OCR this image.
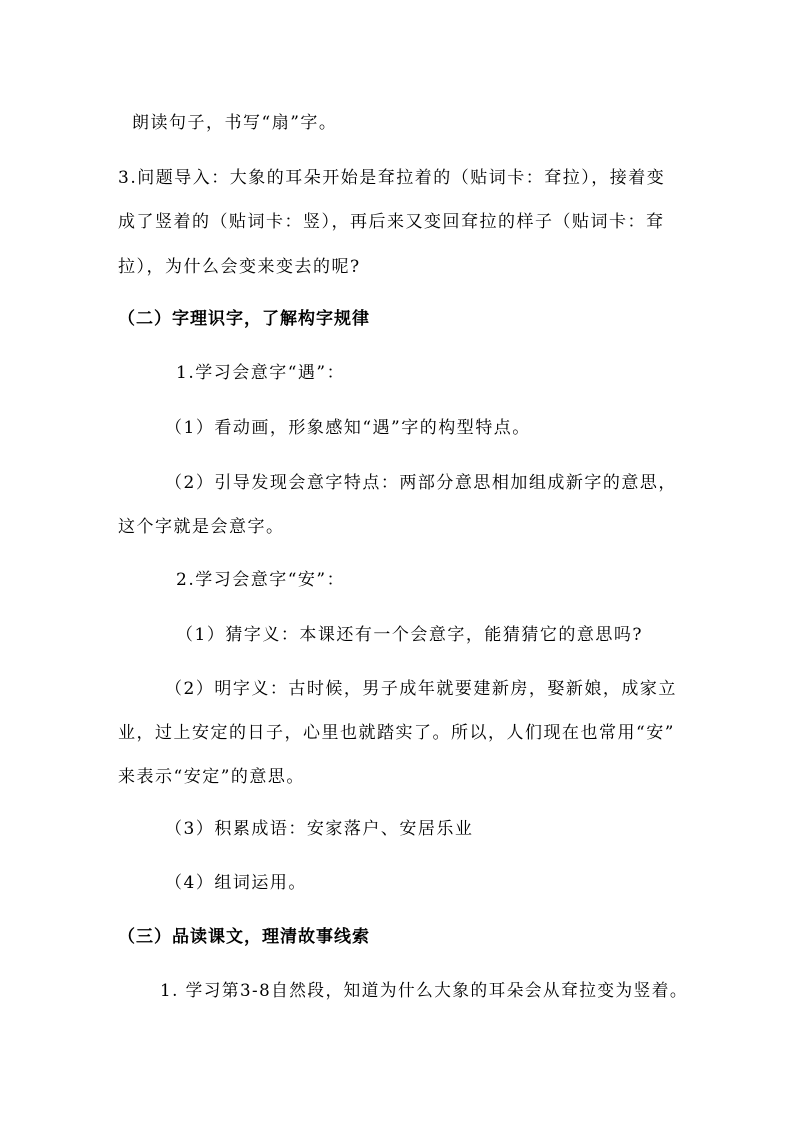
朗读句子，书写“扇”字。
3.问题导入：大象的耳朵开始是耷拉着的（贴词卡：耷拉），接着变
成了竖着的（贴词卡：竖），再后来又变回耷拉的样子（贴词卡：耷
拉），为什么会变来变去的呢?
（二）字理识字，了解构字规律
1.学习会意字“遇”：
（1）看动画，形象感知“遇”字的构型特点。
（2）引导发现会意字特点：两部分意思相加组成新字的意思，
这个字就是会意字。
2.学习会意字“安”：
（1）猜字义：本课还有一个会意字，能猜猜它的意思吗?
（2）明字义：古时候，男子成年就要建新房，娶新娘，成家立
业，过上安定的日子，心里也就踏实了。所以，人们现在也常用“安”
来表示“安定”的意思。
（3）积累成语：安家落户、安居乐业
（4）组词运用。
（三）品读课文，理清故事线索
1. 学习第3-8自然段，知道为什么大象的耳朵会从耷拉变为竖着。
